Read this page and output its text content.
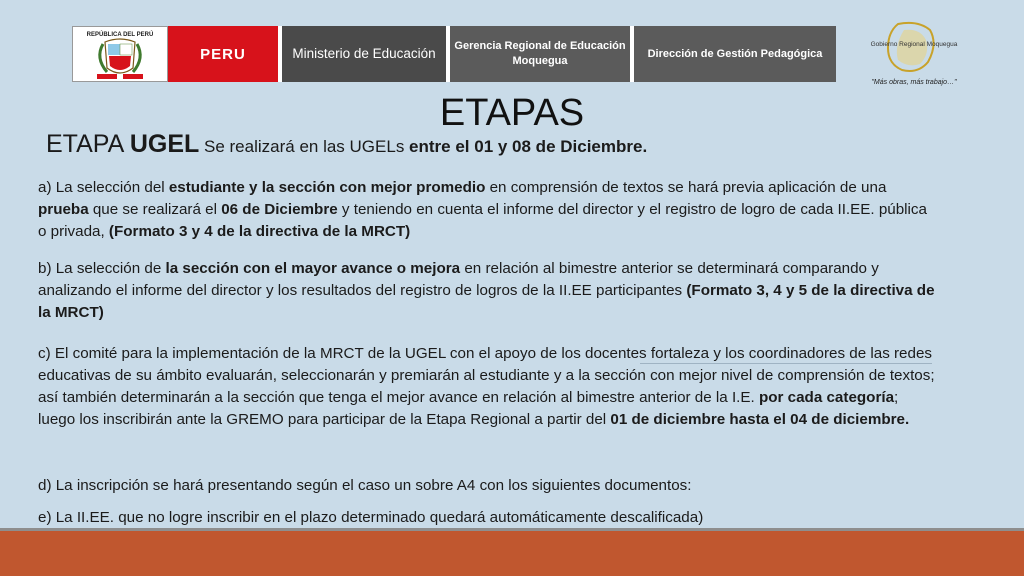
REPÚBLICA DEL PERÚ
PERU	Ministerio de Educación	Gerencia Regional de Educación Moquegua
Dirección de Gestión Pedagógica
Gobierno Regional Moquegua
"Más obras, más trabajo…"
ETAPAS
ETAPA UGEL Se realizará en las UGELs entre el 01 y 08 de Diciembre.
a) La selección del estudiante y la sección con mejor promedio en comprensión de textos se hará previa aplicación de una prueba que se realizará el 06 de Diciembre y teniendo en cuenta el informe del director y el registro de logro de cada II.EE. pública o privada, (Formato 3 y 4 de la directiva de la MRCT)
b) La selección de la sección con el mayor avance o mejora en relación al bimestre anterior se determinará comparando y analizando el informe del director y los resultados del registro de logros de la II.EE participantes (Formato 3, 4 y 5 de la directiva de la MRCT)
c) El comité para la implementación de la MRCT de la UGEL con el apoyo de los docentes fortaleza y los coordinadores de las redes educativas de su ámbito evaluarán, seleccionarán y premiarán al estudiante y a la sección con mejor nivel de comprensión de textos; así también determinarán a la sección que tenga el mejor avance en relación al bimestre anterior de la I.E. por cada categoría; luego los inscribirán ante la GREMO para participar de la Etapa Regional a partir del 01 de diciembre hasta el 04 de diciembre.
d) La inscripción se hará presentando según el caso un sobre A4 con los siguientes documentos:
e) La II.EE. que no logre inscribir en el plazo determinado quedará automáticamente descalificada)
